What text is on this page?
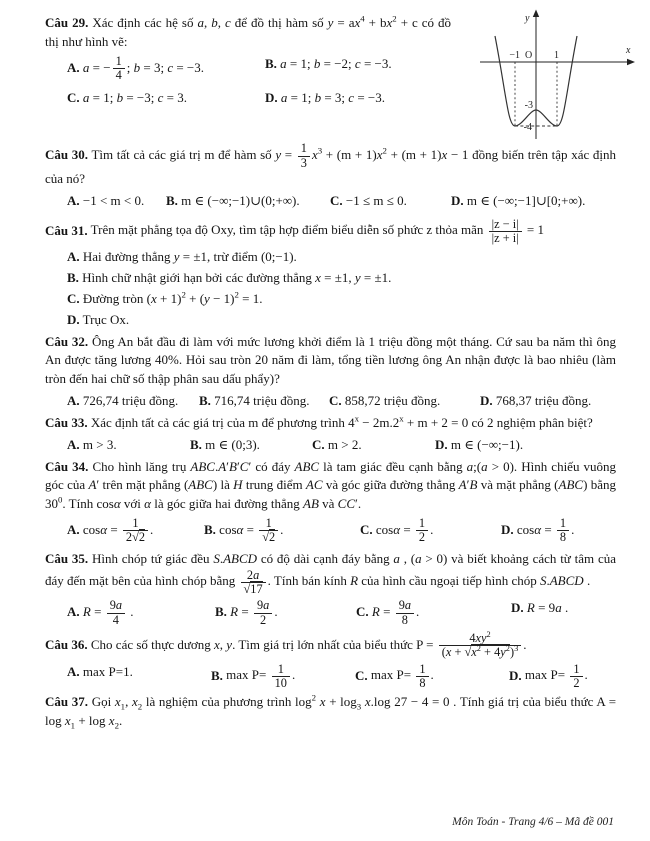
y
x
O
−1	1
-3
-4
Câu 29. Xác định các hệ số a, b, c để đồ thị hàm số $y = ax^4 + bx^2 + c$ có đồ thị như hình vẽ:
A. a = − $\frac{1}{4}$ ; b = 3; c = −3.	B. a = 1; b = −2; c = −3.
C. a = 1; b = −3; c = 3.	D. a = 1; b = 3; c = −3.
Câu 30. Tìm tất cả các giá trị m để hàm số $y = \frac{1}{3} x^3 + (m + 1)x^2 + (m + 1)x - 1$ đồng biến trên tập xác định của nó?
A. −1 < m < 0.	B. m ∈ (−∞;−1)∪(0;+∞).	C. −1 ≤ m ≤ 0.	D. m ∈ (−∞;−1]∪[0;+∞).
Câu 31. Trên mặt phẳng tọa độ Oxy, tìm tập hợp điểm biểu diễn số phức z thỏa mãn $\frac{|z - i|}{|z + i|} = 1$
A. Hai đường thẳng y = ±1, trừ điểm (0;−1).
B. Hình chữ nhật giới hạn bởi các đường thẳng x = ±1, y = ±1.
C. Đường tròn $(x + 1)^2 + (y - 1)^2 = 1$.
D. Trục Ox.
Câu 32. Ông An bắt đầu đi làm với mức lương khởi điểm là 1 triệu đồng một tháng. Cứ sau ba năm thì ông An được tăng lương 40%. Hỏi sau tròn 20 năm đi làm, tổng tiền lương ông An nhận được là bao nhiêu (làm tròn đến hai chữ số thập phân sau dấu phẩy)?
A. 726,74 triệu đồng.	B. 716,74 triệu đồng.	C. 858,72 triệu đồng.	D. 768,37 triệu đồng.
Câu 33. Xác định tất cả các giá trị của m để phương trình $4^x - 2m.2^x + m + 2 = 0$ có 2 nghiệm phân biệt?
A. m > 3.	B. m ∈ (0;3).	C. m > 2.	D. m ∈ (−∞;−1).
Câu 34. Cho hình lăng trụ ABC.A′B′C′ có đáy ABC là tam giác đều cạnh bằng a;(a > 0). Hình chiếu vuông góc của A′ trên mặt phẳng (ABC) là H trung điểm AC và góc giữa đường thẳng A′B và mặt phẳng (ABC) bằng $30^0$. Tính cosα với α là góc giữa hai đường thẳng AB và CC′.
A. $\cos\alpha = \frac{1}{2√2}$ .	B. $\cos\alpha = \frac{1}{√2}$ .	C. $\cos\alpha = \frac{1}{2}$ .	D. $\cos\alpha = \frac{1}{8}$ .
Câu 35. Hình chóp tứ giác đều S.ABCD có độ dài cạnh đáy bằng a , (a > 0) và biết khoảng cách từ tâm của đáy đến mặt bên của hình chóp bằng $\frac{2a}{√17}$ . Tính bán kính R của hình cầu ngoại tiếp hình chóp S.ABCD .
A. $R = \frac{9a}{4}$ .	B. $R = \frac{9a}{2}$ .	C. $R = \frac{9a}{8}$ .	D. R = 9a .
Câu 36. Cho các số thực dương x, y. Tìm giá trị lớn nhất của biểu thức $P = \frac{4xy^2}{(x + √x^2 + 4y^2)^3}$ .
A. max P=1.	B. $\max P= \frac{1}{10}$ .	C. $\max P= \frac{1}{8}$ .	D. $\max P= \frac{1}{2}$ .
Câu 37. Gọi $x_1$, $x_2$ là nghiệm của phương trình $\log^2 x + \log_3 x.\log$ 27 − 4 = 0 . Tính giá trị của biểu thức $A = \log x_1 + \log x_2$.
Môn Toán - Trang 4/6 – Mã đề 001
